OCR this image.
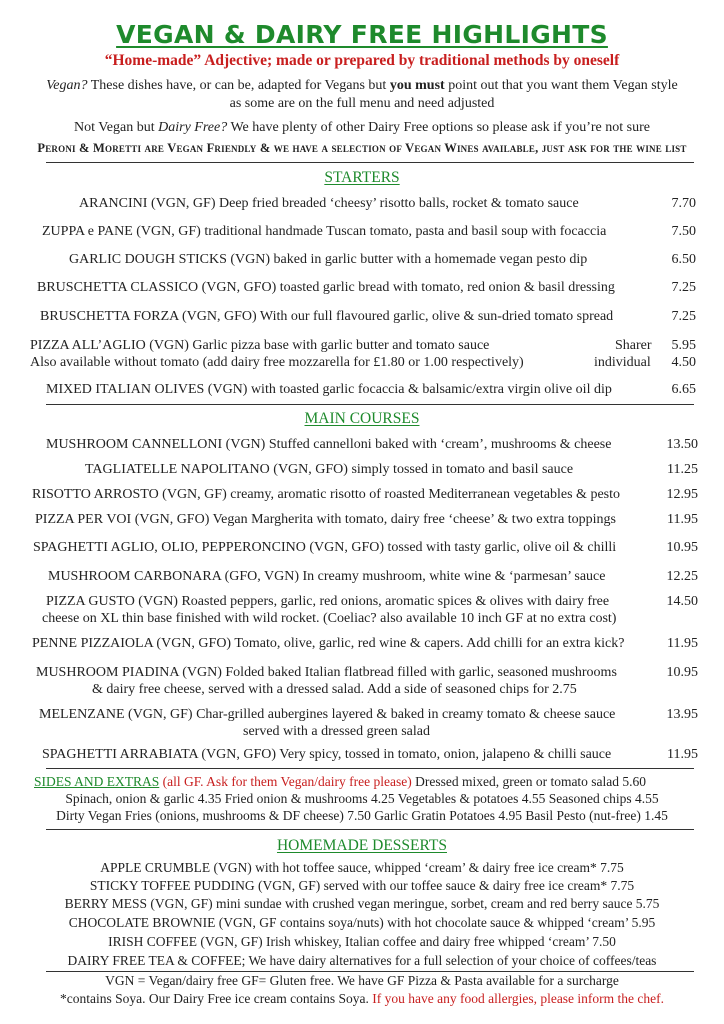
VEGAN & DAIRY FREE HIGHLIGHTS
“Home-made” Adjective; made or prepared by traditional methods by oneself
Vegan? These dishes have, or can be, adapted for Vegans but you must point out that you want them Vegan style
as some are on the full menu and need adjusted
Not Vegan but Dairy Free? We have plenty of other Dairy Free options so please ask if you’re not sure
Peroni & Moretti are Vegan Friendly & we have a selection of Vegan Wines available, just ask for the wine list
STARTERS
ARANCINI (VGN, GF) Deep fried breaded ‘cheesy’ risotto balls, rocket & tomato sauce	7.70
ZUPPA e PANE (VGN, GF) traditional handmade Tuscan tomato, pasta and basil soup with focaccia	7.50
GARLIC DOUGH STICKS (VGN) baked in garlic butter with a homemade vegan pesto dip	6.50
BRUSCHETTA CLASSICO (VGN, GFO) toasted garlic bread with tomato, red onion & basil dressing	7.25
BRUSCHETTA FORZA (VGN, GFO) With our full flavoured garlic, olive & sun-dried tomato spread	7.25
PIZZA ALL’AGLIO (VGN) Garlic pizza base with garlic butter and tomato sauce
Also available without tomato (add dairy free mozzarella for £1.80 or 1.00 respectively)
Sharer	5.95
individual	4.50
MIXED ITALIAN OLIVES (VGN) with toasted garlic focaccia & balsamic/extra virgin olive oil dip	6.65
MAIN COURSES
MUSHROOM CANNELLONI (VGN) Stuffed cannelloni baked with ‘cream’, mushrooms & cheese	13.50
TAGLIATELLE NAPOLITANO (VGN, GFO) simply tossed in tomato and basil sauce	11.25
RISOTTO ARROSTO (VGN, GF) creamy, aromatic risotto of roasted Mediterranean vegetables & pesto	12.95
PIZZA PER VOI (VGN, GFO) Vegan Margherita with tomato, dairy free ‘cheese’ & two extra toppings	11.95
SPAGHETTI AGLIO, OLIO, PEPPERONCINO (VGN, GFO) tossed with tasty garlic, olive oil & chilli	10.95
MUSHROOM CARBONARA (GFO, VGN) In creamy mushroom, white wine & ‘parmesan’ sauce	12.25
PIZZA GUSTO (VGN) Roasted peppers, garlic, red onions, aromatic spices & olives with dairy free
cheese on XL thin base finished with wild rocket. (Coeliac? also available 10 inch GF at no extra cost)
14.50
PENNE PIZZAIOLA (VGN, GFO) Tomato, olive, garlic, red wine & capers. Add chilli for an extra kick?	11.95
MUSHROOM PIADINA (VGN) Folded baked Italian flatbread filled with garlic, seasoned mushrooms
& dairy free cheese, served with a dressed salad. Add a side of seasoned chips for 2.75
10.95
MELENZANE (VGN, GF) Char-grilled aubergines layered & baked in creamy tomato & cheese sauce
served with a dressed green salad
13.95
SPAGHETTI ARRABIATA (VGN, GFO) Very spicy, tossed in tomato, onion, jalapeno & chilli sauce	11.95
SIDES AND EXTRAS (all GF. Ask for them Vegan/dairy free please) Dressed mixed, green or tomato salad 5.60
Spinach, onion & garlic 4.35 Fried onion & mushrooms 4.25 Vegetables & potatoes 4.55 Seasoned chips 4.55
Dirty Vegan Fries (onions, mushrooms & DF cheese) 7.50 Garlic Gratin Potatoes 4.95 Basil Pesto (nut-free) 1.45
HOMEMADE DESSERTS
APPLE CRUMBLE (VGN) with hot toffee sauce, whipped ‘cream’ & dairy free ice cream* 7.75
STICKY TOFFEE PUDDING (VGN, GF) served with our toffee sauce & dairy free ice cream* 7.75
BERRY MESS (VGN, GF) mini sundae with crushed vegan meringue, sorbet, cream and red berry sauce 5.75
CHOCOLATE BROWNIE (VGN, GF contains soya/nuts) with hot chocolate sauce & whipped ‘cream’ 5.95
IRISH COFFEE (VGN, GF) Irish whiskey, Italian coffee and dairy free whipped ‘cream’ 7.50
DAIRY FREE TEA & COFFEE; We have dairy alternatives for a full selection of your choice of coffees/teas
VGN = Vegan/dairy free GF= Gluten free. We have GF Pizza & Pasta available for a surcharge
*contains Soya. Our Dairy Free ice cream contains Soya. If you have any food allergies, please inform the chef.
